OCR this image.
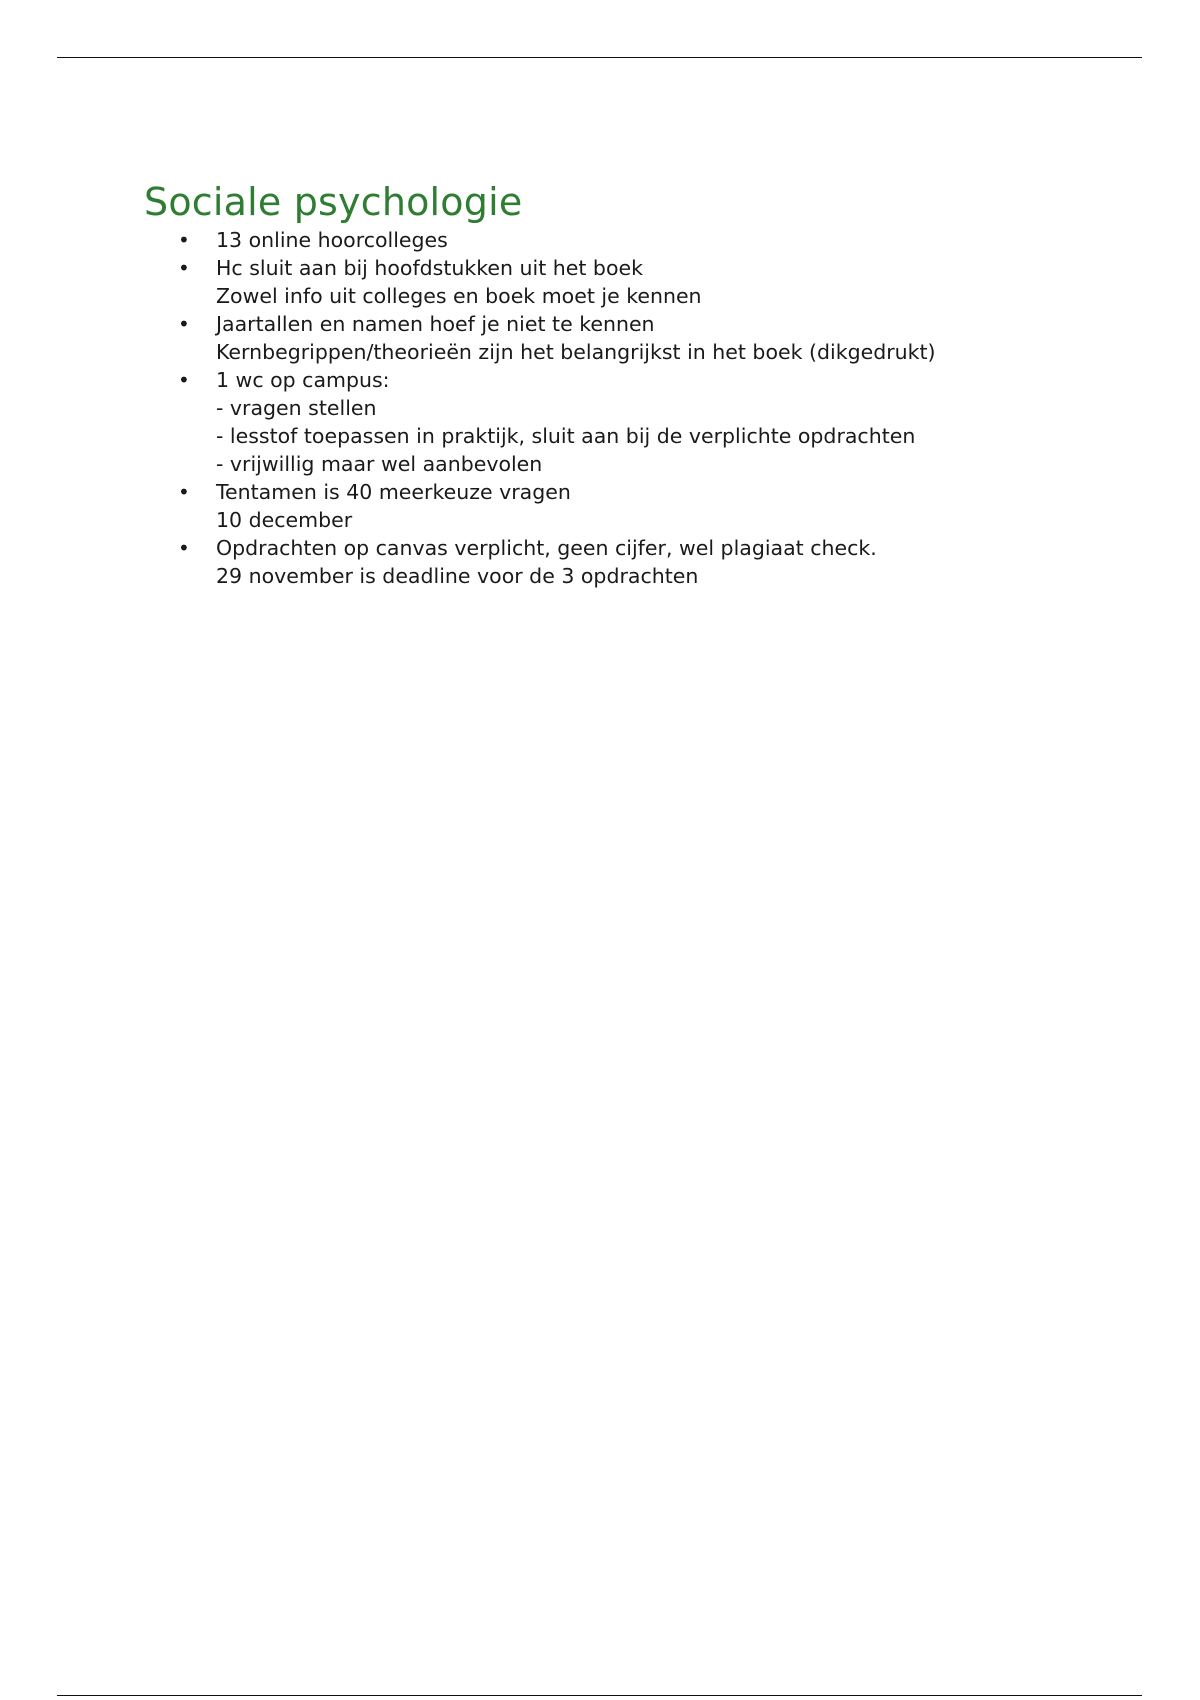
Sociale psychologie
• 13 online hoorcolleges
• Hc sluit aan bij hoofdstukken uit het boek
Zowel info uit colleges en boek moet je kennen
• Jaartallen en namen hoef je niet te kennen
Kernbegrippen/theorieën zijn het belangrijkst in het boek (dikgedrukt)
• 1 wc op campus:
- vragen stellen
- lesstof toepassen in praktijk, sluit aan bij de verplichte opdrachten
- vrijwillig maar wel aanbevolen
• Tentamen is 40 meerkeuze vragen
10 december
• Opdrachten op canvas verplicht, geen cijfer, wel plagiaat check.
29 november is deadline voor de 3 opdrachten
